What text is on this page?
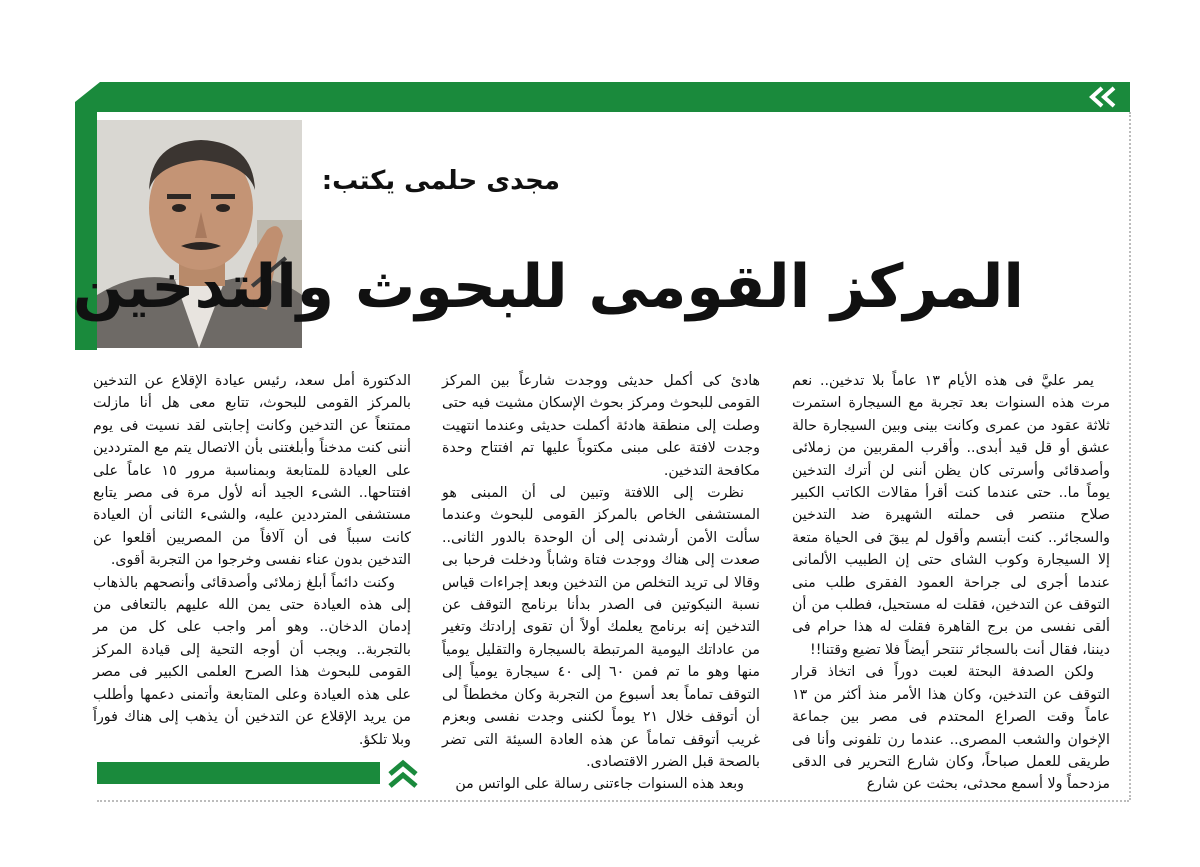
مجدى حلمى يكتب:
المركز القومى للبحوث والتدخين

يمر عليَّ فى هذه الأيام ١٣ عاماً بلا تدخين.. نعم مرت هذه السنوات بعد تجربة مع السيجارة استمرت ثلاثة عقود من عمرى وكانت بينى وبين السيجارة حالة عشق أو قل قيد أبدى.. وأقرب المقربين من زملائى وأصدقائى وأسرتى كان يظن أننى لن أترك التدخين يوماً ما.. حتى عندما كنت أقرأ مقالات الكاتب الكبير صلاح منتصر فى حملته الشهيرة ضد التدخين والسجائر.. كنت أبتسم وأقول لم يبقَ فى الحياة متعة إلا السيجارة وكوب الشاى حتى إن الطبيب الألمانى عندما أجرى لى جراحة العمود الفقرى طلب منى التوقف عن التدخين، فقلت له مستحيل، فطلب من أن ألقى نفسى من برج القاهرة فقلت له هذا حرام فى ديننا، فقال أنت بالسجائر تنتحر أيضاً فلا تضيع وقتنا!!

ولكن الصدفة البحتة لعبت دوراً فى اتخاذ قرار التوقف عن التدخين، وكان هذا الأمر منذ أكثر من ١٣ عاماً وقت الصراع المحتدم فى مصر بين جماعة الإخوان والشعب المصرى.. عندما رن تلفونى وأنا فى طريقى للعمل صباحاً، وكان شارع التحرير فى الدقى مزدحماً ولا أسمع محدثى، بحثت عن شارع

هادئ كى أكمل حديثى ووجدت شارعاً بين المركز القومى للبحوث ومركز بحوث الإسكان مشيت فيه حتى وصلت إلى منطقة هادئة أكملت حديثى وعندما انتهيت وجدت لافتة على مبنى مكتوباً عليها تم افتتاح وحدة مكافحة التدخين.

نظرت إلى اللافتة وتبين لى أن المبنى هو المستشفى الخاص بالمركز القومى للبحوث وعندما سألت الأمن أرشدنى إلى أن الوحدة بالدور الثانى.. صعدت إلى هناك ووجدت فتاة وشاباً ودخلت فرحبا بى وقالا لى تريد التخلص من التدخين وبعد إجراءات قياس نسبة النيكوتين فى الصدر بدأنا برنامج التوقف عن التدخين إنه برنامج يعلمك أولاً أن تقوى إرادتك وتغير من عاداتك اليومية المرتبطة بالسيجارة والتقليل يومياً منها وهو ما تم فمن ٦٠ إلى ٤٠ سيجارة يومياً إلى التوقف تماماً بعد أسبوع من التجربة وكان مخططاً لى أن أتوقف خلال ٢١ يوماً لكننى وجدت نفسى وبعزم غريب أتوقف تماماً عن هذه العادة السيئة التى تضر بالصحة قبل الضرر الاقتصادى.

وبعد هذه السنوات جاءتنى رسالة على الواتس من

الدكتورة أمل سعد، رئيس عيادة الإقلاع عن التدخين بالمركز القومى للبحوث، تتابع معى هل أنا مازلت ممتنعاً عن التدخين وكانت إجابتى لقد نسيت فى يوم أننى كنت مدخناً وأبلغتنى بأن الاتصال يتم مع المترددين على العيادة للمتابعة وبمناسبة مرور ١٥ عاماً على افتتاحها.. الشىء الجيد أنه لأول مرة فى مصر يتابع مستشفى المترددين عليه، والشىء الثانى أن العيادة كانت سبباً فى أن آلافاً من المصريين أقلعوا عن التدخين بدون عناء نفسى وخرجوا من التجربة أقوى.

وكنت دائماً أبلغ زملائى وأصدقائى وأنصحهم بالذهاب إلى هذه العيادة حتى يمن الله عليهم بالتعافى من إدمان الدخان.. وهو أمر واجب على كل من مر بالتجربة.. ويجب أن أوجه التحية إلى قيادة المركز القومى للبحوث هذا الصرح العلمى الكبير فى مصر على هذه العيادة وعلى المتابعة وأتمنى دعمها وأطلب من يريد الإقلاع عن التدخين أن يذهب إلى هناك فوراً وبلا تلكؤ.
